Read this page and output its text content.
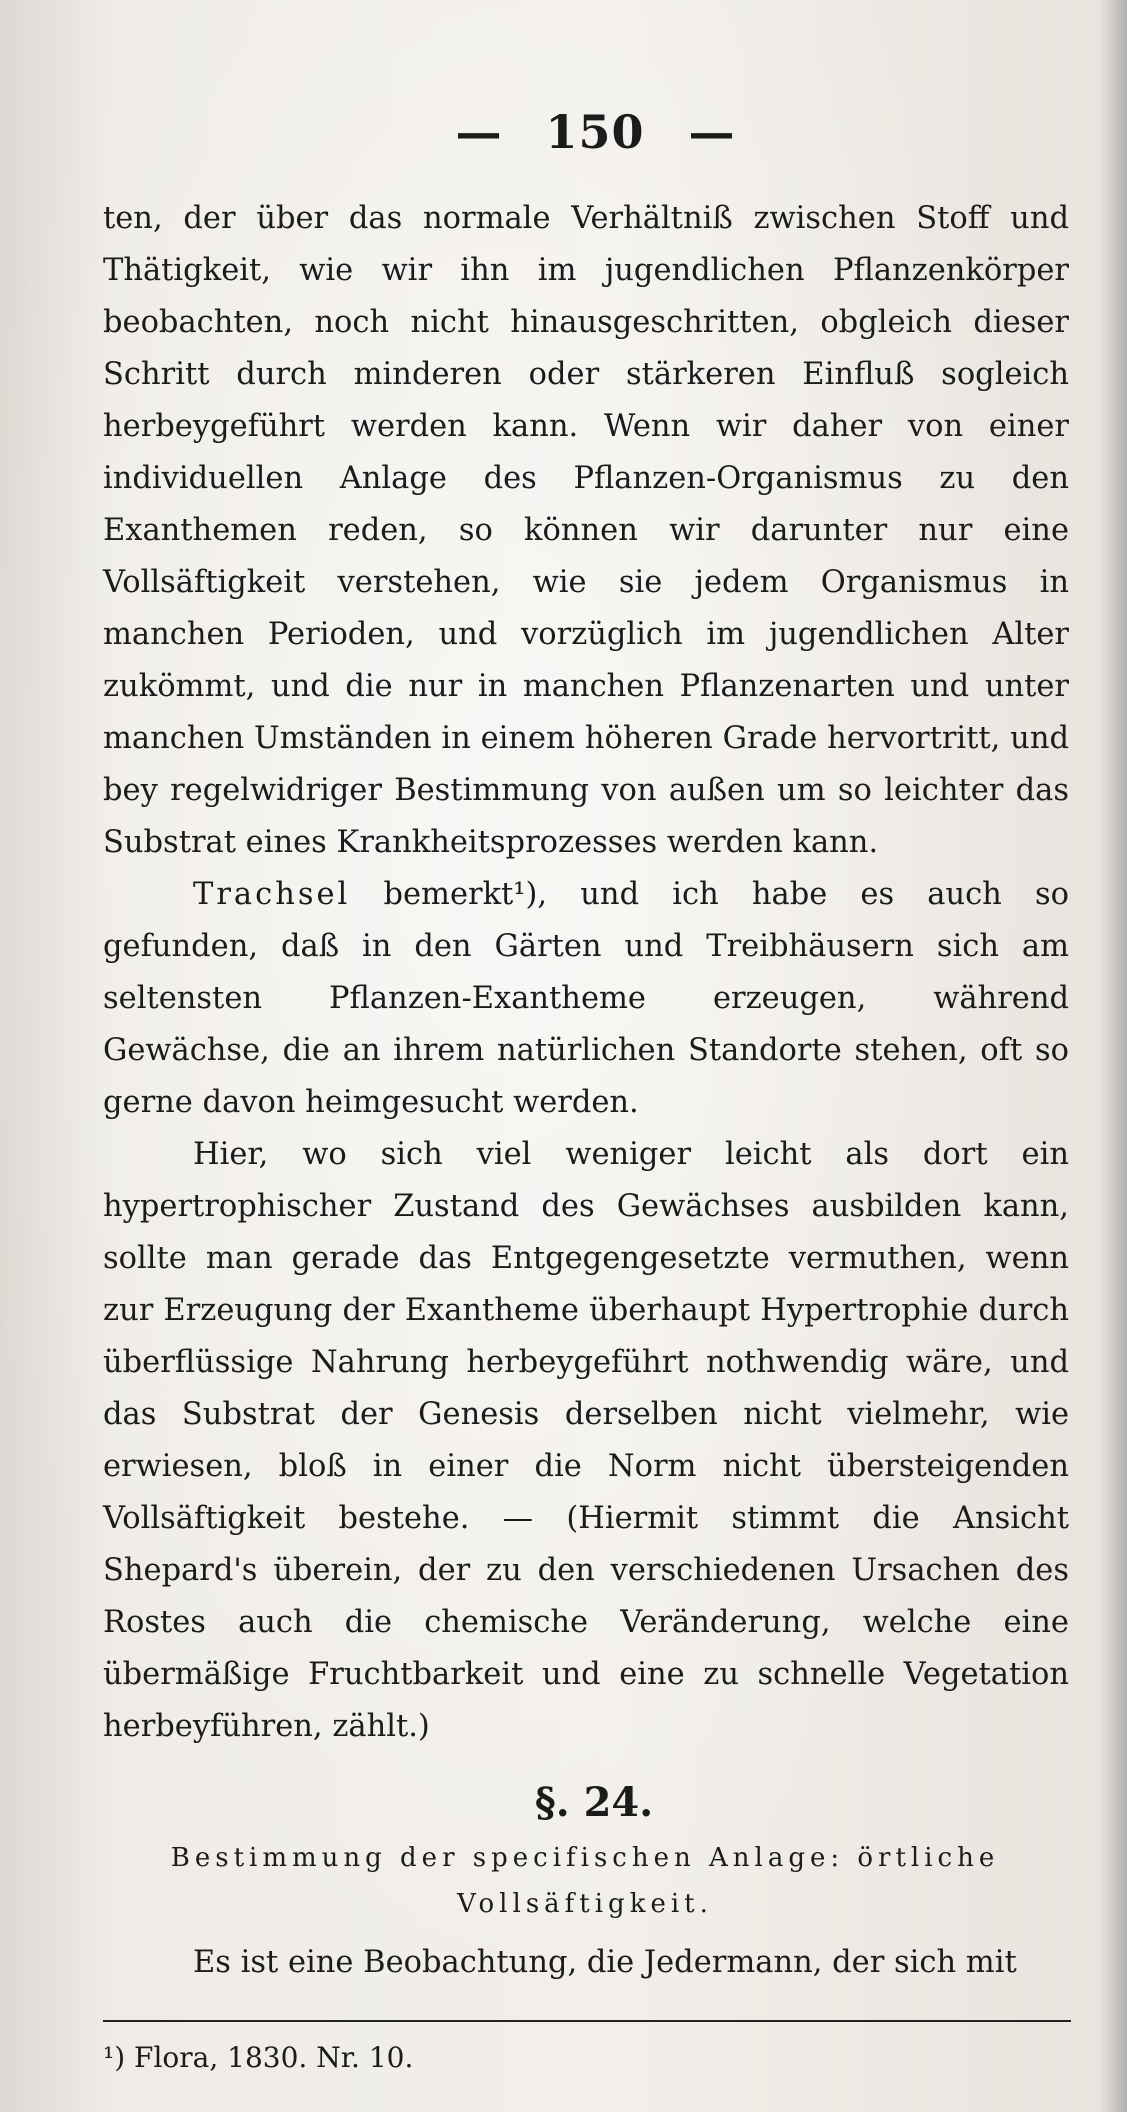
— 150 —

ten, der über das normale Verhältniß zwischen Stoff und Thätigkeit, wie wir ihn im jugendlichen Pflanzenkörper beobachten, noch nicht hinausgeschritten, obgleich dieser Schritt durch minderen oder stärkeren Einfluß sogleich herbeygeführt werden kann. Wenn wir daher von einer individuellen Anlage des Pflanzen-Organismus zu den Exanthemen reden, so können wir darunter nur eine Vollsäftigkeit verstehen, wie sie jedem Organismus in manchen Perioden, und vorzüglich im jugendlichen Alter zukömmt, und die nur in manchen Pflanzenarten und unter manchen Umständen in einem höheren Grade hervortritt, und bey regelwidriger Bestimmung von außen um so leichter das Substrat eines Krankheitsprozesses werden kann.

Trachsel bemerkt¹), und ich habe es auch so gefunden, daß in den Gärten und Treibhäusern sich am seltensten Pflanzen-Exantheme erzeugen, während Gewächse, die an ihrem natürlichen Standorte stehen, oft so gerne davon heimgesucht werden.

Hier, wo sich viel weniger leicht als dort ein hypertrophischer Zustand des Gewächses ausbilden kann, sollte man gerade das Entgegengesetzte vermuthen, wenn zur Erzeugung der Exantheme überhaupt Hypertrophie durch überflüssige Nahrung herbeygeführt nothwendig wäre, und das Substrat der Genesis derselben nicht vielmehr, wie erwiesen, bloß in einer die Norm nicht übersteigenden Vollsäftigkeit bestehe. — (Hiermit stimmt die Ansicht Shepard's überein, der zu den verschiedenen Ursachen des Rostes auch die chemische Veränderung, welche eine übermäßige Fruchtbarkeit und eine zu schnelle Vegetation herbeyführen, zählt.)

§. 24.
Bestimmung der specifischen Anlage: örtliche Vollsäftigkeit.

Es ist eine Beobachtung, die Jedermann, der sich mit

¹) Flora, 1830. Nr. 10.
